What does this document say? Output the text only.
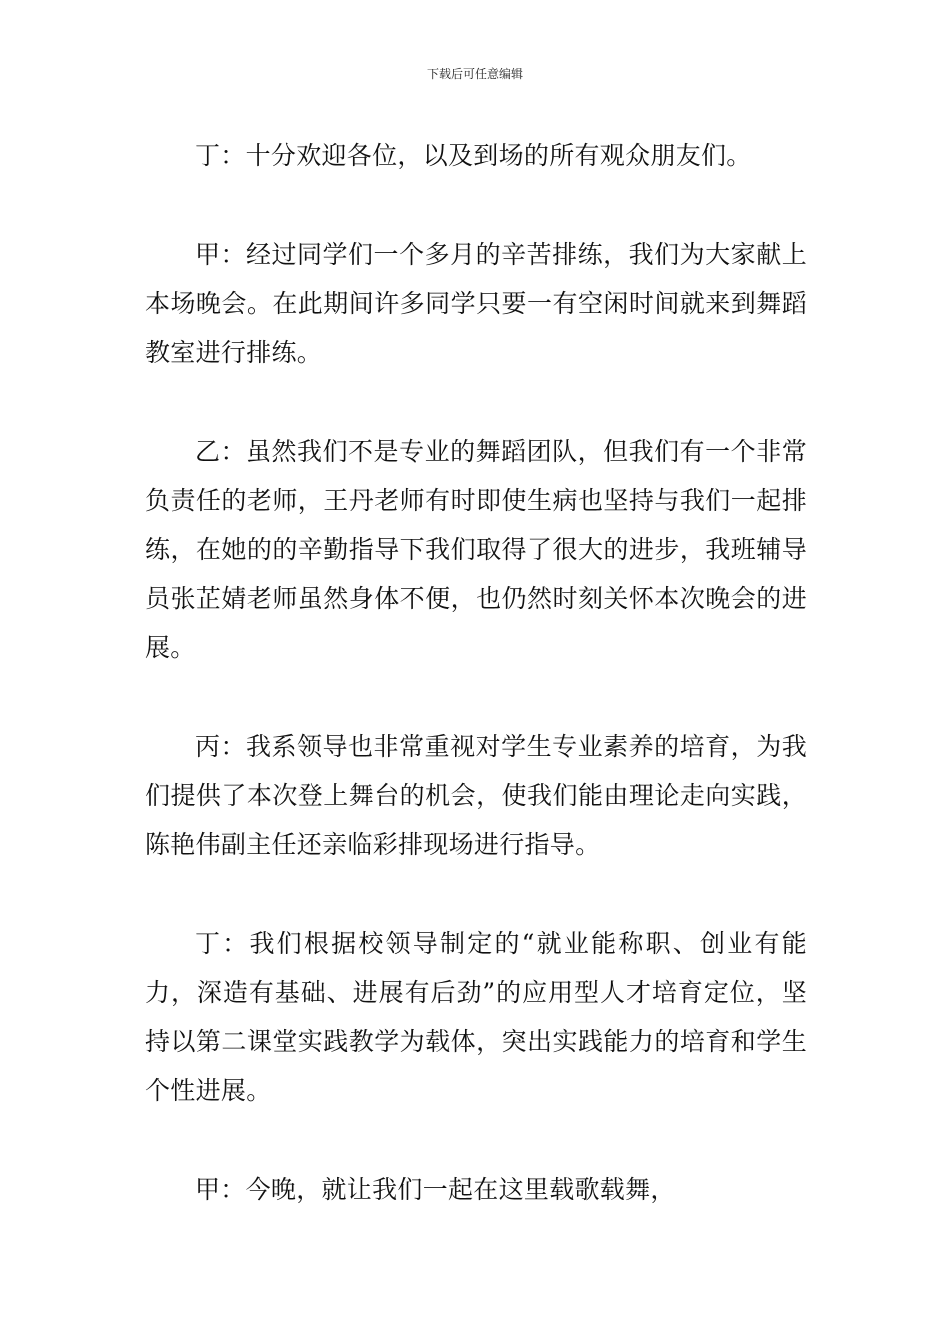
下载后可任意编辑

丁：十分欢迎各位，以及到场的所有观众朋友们。

甲：经过同学们一个多月的辛苦排练，我们为大家献上本场晚会。在此期间许多同学只要一有空闲时间就来到舞蹈教室进行排练。

乙：虽然我们不是专业的舞蹈团队，但我们有一个非常负责任的老师，王丹老师有时即使生病也坚持与我们一起排练，在她的的辛勤指导下我们取得了很大的进步，我班辅导员张芷婧老师虽然身体不便，也仍然时刻关怀本次晚会的进展。

丙：我系领导也非常重视对学生专业素养的培育，为我们提供了本次登上舞台的机会，使我们能由理论走向实践，陈艳伟副主任还亲临彩排现场进行指导。

丁：我们根据校领导制定的“就业能称职、创业有能力，深造有基础、进展有后劲”的应用型人才培育定位，坚持以第二课堂实践教学为载体，突出实践能力的培育和学生个性进展。

甲：今晚，就让我们一起在这里载歌载舞，
